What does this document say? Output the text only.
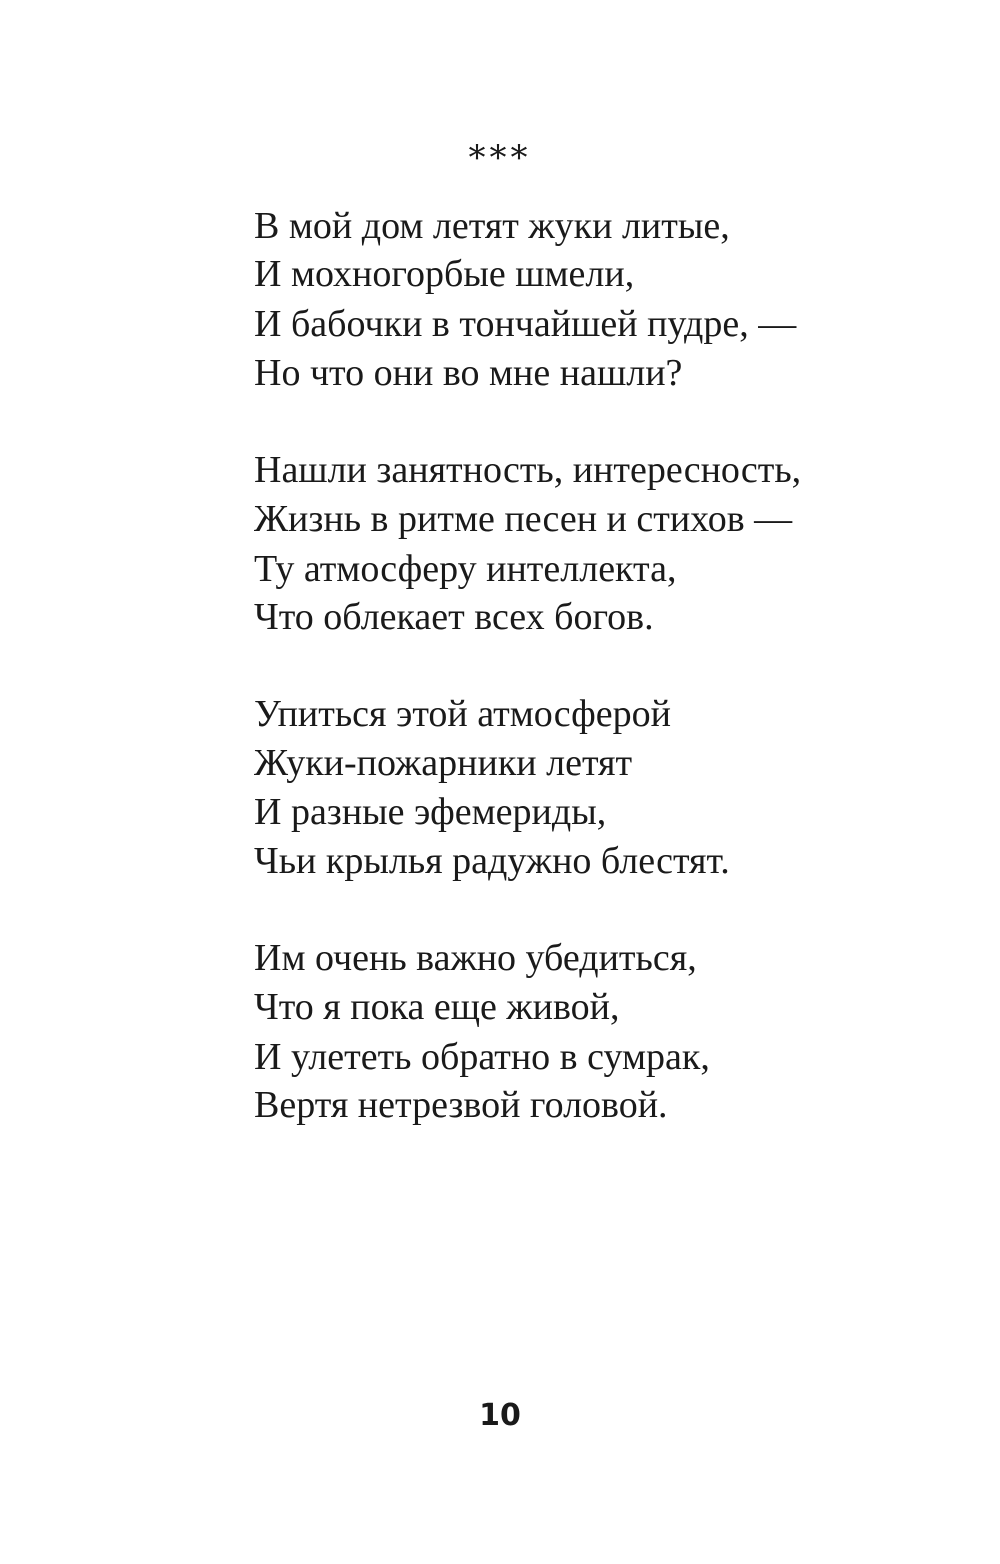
***
В мой дом летят жуки литые,
И мохногорбые шмели,
И бабочки в тончайшей пудре, —
Но что они во мне нашли?
Нашли занятность, интересность,
Жизнь в ритме песен и стихов —
Ту атмосферу интеллекта,
Что облекает всех богов.
Упиться этой атмосферой
Жуки-пожарники летят
И разные эфемериды,
Чьи крылья радужно блестят.
Им очень важно убедиться,
Что я пока еще живой,
И улететь обратно в сумрак,
Вертя нетрезвой головой.
10
